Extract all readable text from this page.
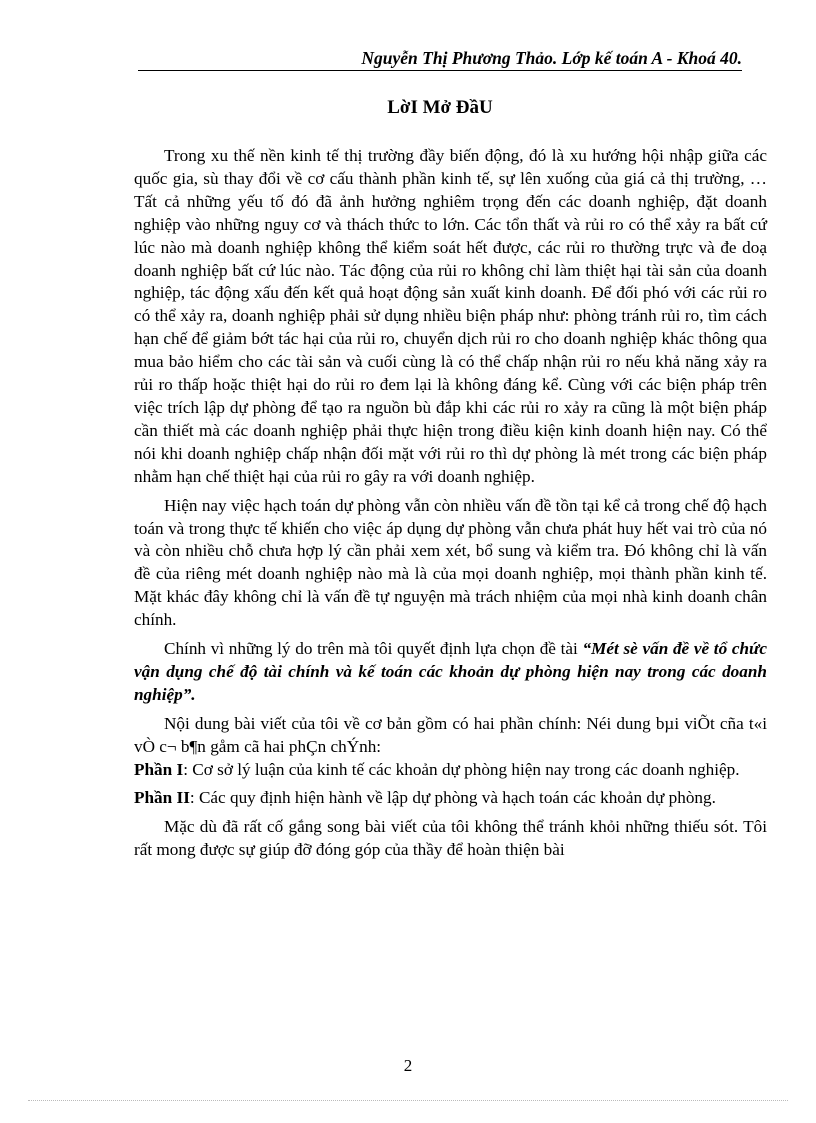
Nguyễn Thị Phương Thảo. Lớp kế toán A - Khoá 40.
LờI Mở ĐầU

Trong xu thế nền kinh tế thị trường đầy biến động, đó là xu hướng hội nhập giữa các quốc gia, sù thay đổi về cơ cấu thành phần kinh tế, sự lên xuống của giá cả thị trường, …Tất cả những yếu tố đó đã ảnh hưởng nghiêm trọng đến các doanh nghiệp, đặt doanh nghiệp vào những nguy cơ và thách thức to lớn. Các tổn thất và rủi ro có thể xảy ra bất cứ lúc nào mà doanh nghiệp không thể kiểm soát hết được, các rủi ro thường trực và đe doạ doanh nghiệp bất cứ lúc nào. Tác động của rủi ro không chỉ làm thiệt hại tài sản của doanh nghiệp, tác động xấu đến kết quả hoạt động sản xuất kinh doanh. Để đối phó với các rủi ro có thể xảy ra, doanh nghiệp phải sử dụng nhiều biện pháp như: phòng tránh rủi ro, tìm cách hạn chế để giảm bớt tác hại của rủi ro, chuyển dịch rủi ro cho doanh nghiệp khác thông qua mua bảo hiểm cho các tài sản và cuối cùng là có thể chấp nhận rủi ro nếu khả năng xảy ra rủi ro thấp hoặc thiệt hại do rủi ro đem lại là không đáng kể. Cùng với các biện pháp trên việc trích lập dự phòng để tạo ra nguồn bù đắp khi các rủi ro xảy ra cũng là một biện pháp cần thiết mà các doanh nghiệp phải thực hiện trong điều kiện kinh doanh hiện nay. Có thể nói khi doanh nghiệp chấp nhận đối mặt với rủi ro thì dự phòng là mét trong các biện pháp nhằm hạn chế thiệt hại của rủi ro gây ra với doanh nghiệp.

Hiện nay việc hạch toán dự phòng vẫn còn nhiều vấn đề tồn tại kể cả trong chế độ hạch toán và trong thực tế khiến cho việc áp dụng dự phòng vẫn chưa phát huy hết vai trò của nó và còn nhiều chỗ chưa hợp lý cần phải xem xét, bổ sung và kiểm tra. Đó không chỉ là vấn đề của riêng mét doanh nghiệp nào mà là của mọi doanh nghiệp, mọi thành phần kinh tế. Mặt khác đây không chỉ là vấn đề tự nguyện mà trách nhiệm của mọi nhà kinh doanh chân chính.

Chính vì những lý do trên mà tôi quyết định lựa chọn đề tài “Mét sè vấn đề về tổ chức vận dụng chế độ tài chính và kế toán các khoản dự phòng hiện nay trong các doanh nghiệp”.

Nội dung bài viết của tôi về cơ bản gồm có hai phần chính: Néi dung bµi viÕt cña t«i vÒ c¬ b¶n gåm cã hai phÇn chÝnh:

Phần I: Cơ sở lý luận của kinh tế các khoản dự phòng hiện nay trong các doanh nghiệp.

Phần II: Các quy định hiện hành về lập dự phòng và hạch toán các khoản dự phòng.

Mặc dù đã rất cố gắng song bài viết của tôi không thể tránh khỏi những thiếu sót. Tôi rất mong được sự giúp đỡ đóng góp của thầy để hoàn thiện bài

2
